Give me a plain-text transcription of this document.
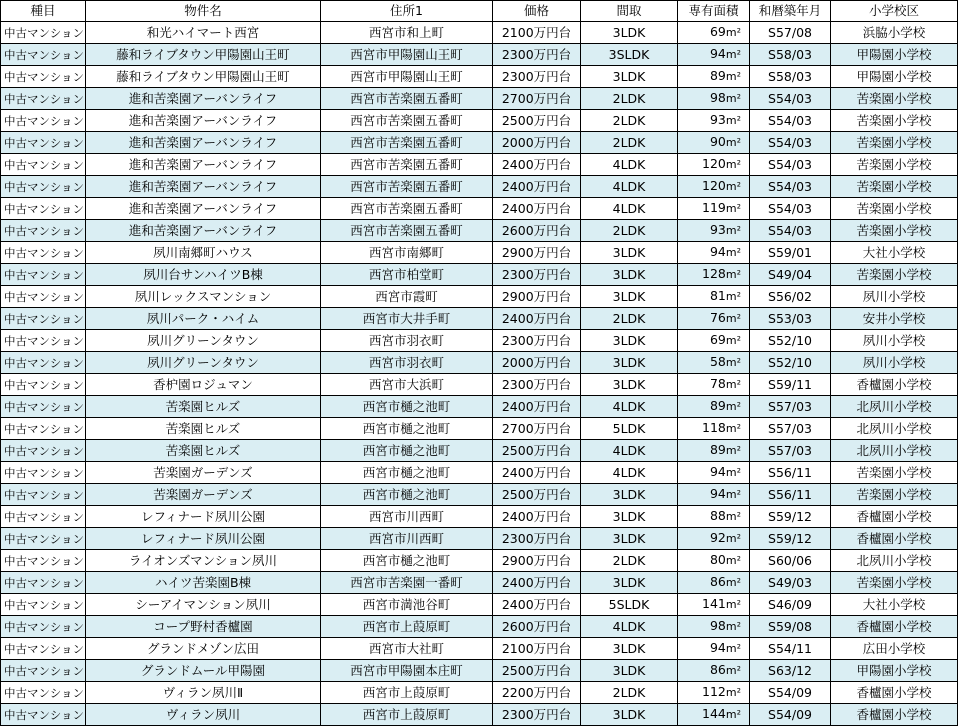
種目	物件名	住所1	価格	間取	専有面積	和暦築年月	小学校区
中古マンション	和光ハイマート西宮	西宮市和上町	2100万円台	3LDK	69m²	S57/08	浜脇小学校
中古マンション	藤和ライブタウン甲陽園山王町	西宮市甲陽園山王町	2300万円台	3SLDK	94m²	S58/03	甲陽園小学校
中古マンション	藤和ライブタウン甲陽園山王町	西宮市甲陽園山王町	2300万円台	3LDK	89m²	S58/03	甲陽園小学校
中古マンション	進和苦楽園アーバンライフ	西宮市苦楽園五番町	2700万円台	2LDK	98m²	S54/03	苦楽園小学校
中古マンション	進和苦楽園アーバンライフ	西宮市苦楽園五番町	2500万円台	2LDK	93m²	S54/03	苦楽園小学校
中古マンション	進和苦楽園アーバンライフ	西宮市苦楽園五番町	2000万円台	2LDK	90m²	S54/03	苦楽園小学校
中古マンション	進和苦楽園アーバンライフ	西宮市苦楽園五番町	2400万円台	4LDK	120m²	S54/03	苦楽園小学校
中古マンション	進和苦楽園アーバンライフ	西宮市苦楽園五番町	2400万円台	4LDK	120m²	S54/03	苦楽園小学校
中古マンション	進和苦楽園アーバンライフ	西宮市苦楽園五番町	2400万円台	4LDK	119m²	S54/03	苦楽園小学校
中古マンション	進和苦楽園アーバンライフ	西宮市苦楽園五番町	2600万円台	2LDK	93m²	S54/03	苦楽園小学校
中古マンション	夙川南郷町ハウス	西宮市南郷町	2900万円台	3LDK	94m²	S59/01	大社小学校
中古マンション	夙川台サンハイツB棟	西宮市柏堂町	2300万円台	3LDK	128m²	S49/04	苦楽園小学校
中古マンション	夙川レックスマンション	西宮市霞町	2900万円台	3LDK	81m²	S56/02	夙川小学校
中古マンション	夙川パーク・ハイム	西宮市大井手町	2400万円台	2LDK	76m²	S53/03	安井小学校
中古マンション	夙川グリーンタウン	西宮市羽衣町	2300万円台	3LDK	69m²	S52/10	夙川小学校
中古マンション	夙川グリーンタウン	西宮市羽衣町	2000万円台	3LDK	58m²	S52/10	夙川小学校
中古マンション	香枦園ロジュマン	西宮市大浜町	2300万円台	3LDK	78m²	S59/11	香櫨園小学校
中古マンション	苦楽園ヒルズ	西宮市樋之池町	2400万円台	4LDK	89m²	S57/03	北夙川小学校
中古マンション	苦楽園ヒルズ	西宮市樋之池町	2700万円台	5LDK	118m²	S57/03	北夙川小学校
中古マンション	苦楽園ヒルズ	西宮市樋之池町	2500万円台	4LDK	89m²	S57/03	北夙川小学校
中古マンション	苦楽園ガーデンズ	西宮市樋之池町	2400万円台	4LDK	94m²	S56/11	苦楽園小学校
中古マンション	苦楽園ガーデンズ	西宮市樋之池町	2500万円台	3LDK	94m²	S56/11	苦楽園小学校
中古マンション	レフィナード夙川公園	西宮市川西町	2400万円台	3LDK	88m²	S59/12	香櫨園小学校
中古マンション	レフィナード夙川公園	西宮市川西町	2300万円台	3LDK	92m²	S59/12	香櫨園小学校
中古マンション	ライオンズマンション夙川	西宮市樋之池町	2900万円台	2LDK	80m²	S60/06	北夙川小学校
中古マンション	ハイツ苦楽園B棟	西宮市苦楽園一番町	2400万円台	3LDK	86m²	S49/03	苦楽園小学校
中古マンション	シーアイマンション夙川	西宮市満池谷町	2400万円台	5SLDK	141m²	S46/09	大社小学校
中古マンション	コープ野村香櫨園	西宮市上葭原町	2600万円台	4LDK	98m²	S59/08	香櫨園小学校
中古マンション	グランドメゾン広田	西宮市大社町	2100万円台	3LDK	94m²	S54/11	広田小学校
中古マンション	グランドムール甲陽園	西宮市甲陽園本庄町	2500万円台	3LDK	86m²	S63/12	甲陽園小学校
中古マンション	ヴィラン夙川Ⅱ	西宮市上葭原町	2200万円台	2LDK	112m²	S54/09	香櫨園小学校
中古マンション	ヴィラン夙川	西宮市上葭原町	2300万円台	3LDK	144m²	S54/09	香櫨園小学校
